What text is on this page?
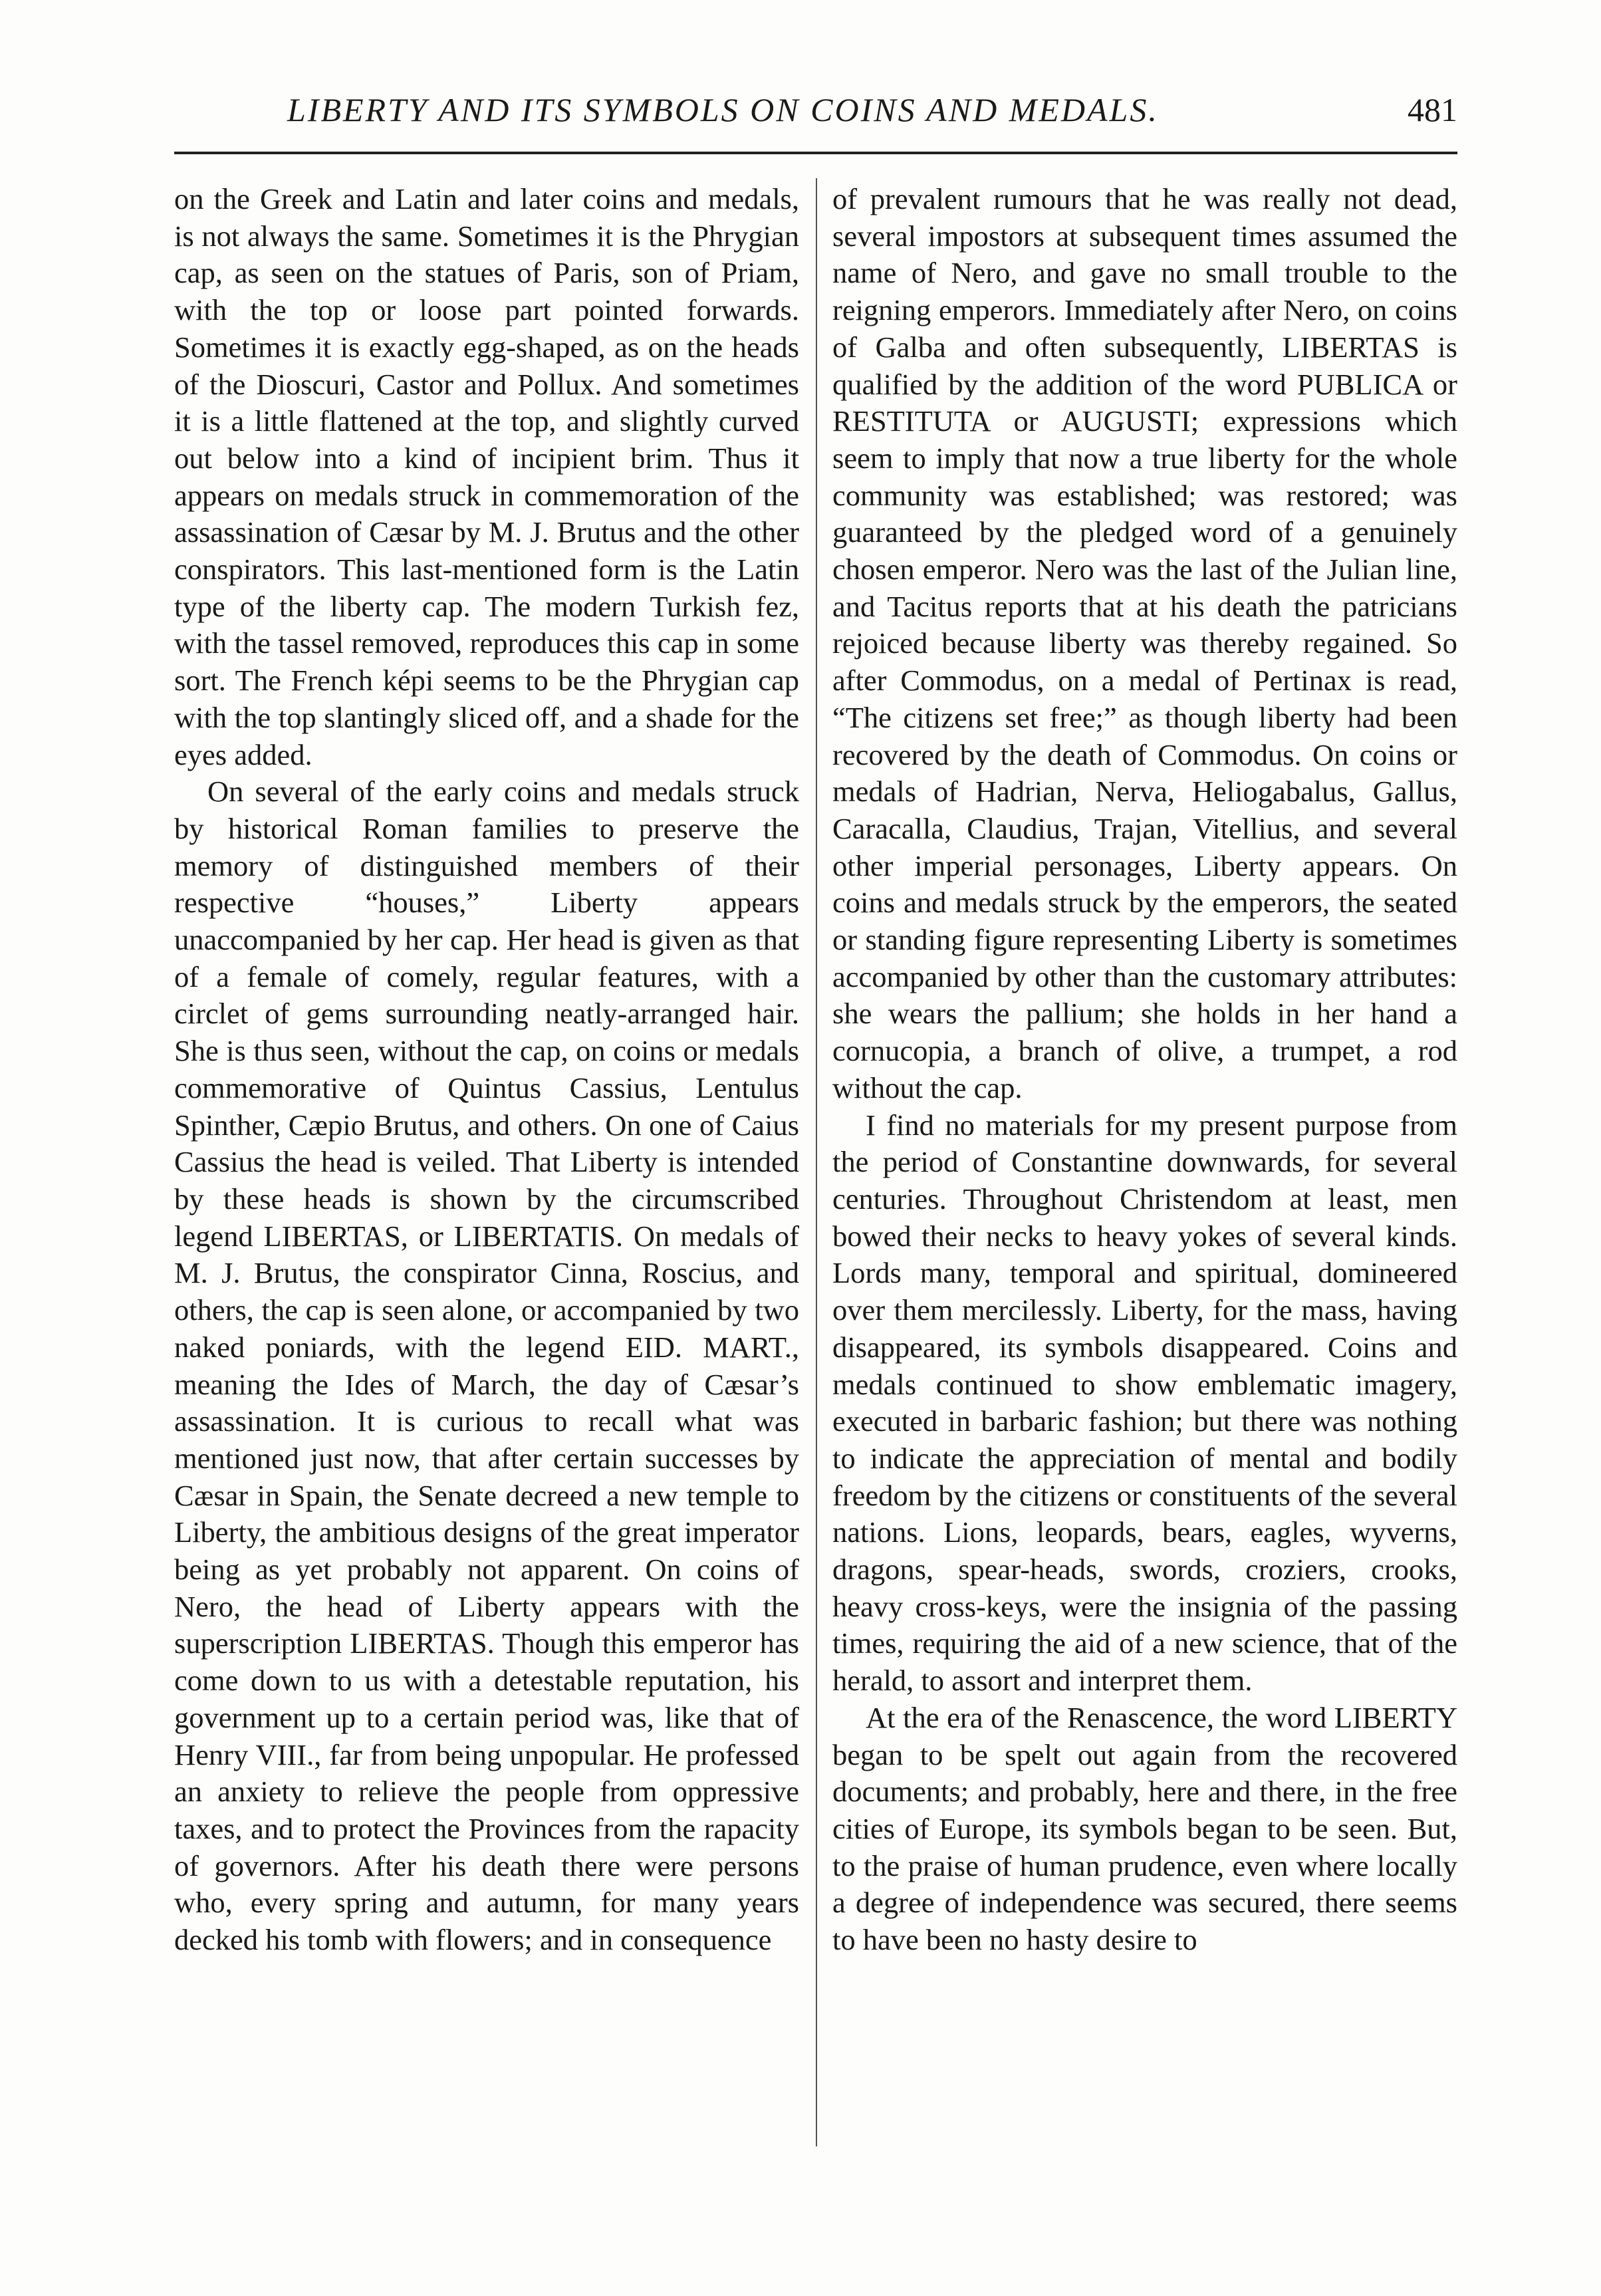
LIBERTY AND ITS SYMBOLS ON COINS AND MEDALS.	481

on the Greek and Latin and later coins and medals, is not always the same. Sometimes it is the Phrygian cap, as seen on the statues of Paris, son of Priam, with the top or loose part pointed forwards. Sometimes it is exactly egg-shaped, as on the heads of the Dioscuri, Castor and Pollux. And sometimes it is a little flattened at the top, and slightly curved out below into a kind of incipient brim. Thus it appears on medals struck in commemoration of the assassination of Cæsar by M. J. Brutus and the other conspirators. This last-mentioned form is the Latin type of the liberty cap. The modern Turkish fez, with the tassel removed, reproduces this cap in some sort. The French képi seems to be the Phrygian cap with the top slantingly sliced off, and a shade for the eyes added.

On several of the early coins and medals struck by historical Roman families to preserve the memory of distinguished members of their respective “houses,” Liberty appears unaccompanied by her cap. Her head is given as that of a female of comely, regular features, with a circlet of gems surrounding neatly-arranged hair. She is thus seen, without the cap, on coins or medals commemorative of Quintus Cassius, Lentulus Spinther, Cæpio Brutus, and others. On one of Caius Cassius the head is veiled. That Liberty is intended by these heads is shown by the circumscribed legend LIBERTAS, or LIBERTATIS. On medals of M. J. Brutus, the conspirator Cinna, Roscius, and others, the cap is seen alone, or accompanied by two naked poniards, with the legend EID. MART., meaning the Ides of March, the day of Cæsar’s assassination. It is curious to recall what was mentioned just now, that after certain successes by Cæsar in Spain, the Senate decreed a new temple to Liberty, the ambitious designs of the great imperator being as yet probably not apparent. On coins of Nero, the head of Liberty appears with the superscription LIBERTAS. Though this emperor has come down to us with a detestable reputation, his government up to a certain period was, like that of Henry VIII., far from being unpopular. He professed an anxiety to relieve the people from oppressive taxes, and to protect the Provinces from the rapacity of governors. After his death there were persons who, every spring and autumn, for many years decked his tomb with flowers; and in consequence

of prevalent rumours that he was really not dead, several impostors at subsequent times assumed the name of Nero, and gave no small trouble to the reigning emperors. Immediately after Nero, on coins of Galba and often subsequently, LIBERTAS is qualified by the addition of the word PUBLICA or RESTITUTA or AUGUSTI; expressions which seem to imply that now a true liberty for the whole community was established; was restored; was guaranteed by the pledged word of a genuinely chosen emperor. Nero was the last of the Julian line, and Tacitus reports that at his death the patricians rejoiced because liberty was thereby regained. So after Commodus, on a medal of Pertinax is read, “The citizens set free;” as though liberty had been recovered by the death of Commodus. On coins or medals of Hadrian, Nerva, Heliogabalus, Gallus, Caracalla, Claudius, Trajan, Vitellius, and several other imperial personages, Liberty appears. On coins and medals struck by the emperors, the seated or standing figure representing Liberty is sometimes accompanied by other than the customary attributes: she wears the pallium; she holds in her hand a cornucopia, a branch of olive, a trumpet, a rod without the cap.

I find no materials for my present purpose from the period of Constantine downwards, for several centuries. Throughout Christendom at least, men bowed their necks to heavy yokes of several kinds. Lords many, temporal and spiritual, domineered over them mercilessly. Liberty, for the mass, having disappeared, its symbols disappeared. Coins and medals continued to show emblematic imagery, executed in barbaric fashion; but there was nothing to indicate the appreciation of mental and bodily freedom by the citizens or constituents of the several nations. Lions, leopards, bears, eagles, wyverns, dragons, spear-heads, swords, croziers, crooks, heavy cross-keys, were the insignia of the passing times, requiring the aid of a new science, that of the herald, to assort and interpret them.

At the era of the Renascence, the word LIBERTY began to be spelt out again from the recovered documents; and probably, here and there, in the free cities of Europe, its symbols began to be seen. But, to the praise of human prudence, even where locally a degree of independence was secured, there seems to have been no hasty desire to
